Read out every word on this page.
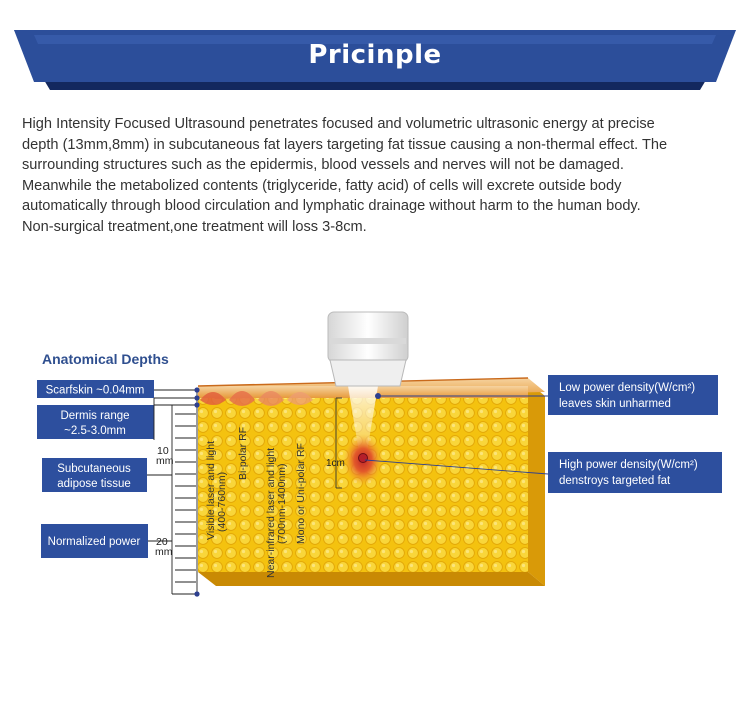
Pricinple

High Intensity Focused Ultrasound penetrates focused and volumetric ultrasonic energy at precise
depth (13mm,8mm) in subcutaneous fat layers targeting fat tissue causing a non-thermal effect. The
surrounding structures such as the epidermis, blood vessels and nerves will not be damaged.
Meanwhile the metabolized contents (triglyceride, fatty acid) of cells will excrete outside body
automatically through blood circulation and lymphatic drainage without harm to the human body.
Non-surgical treatment,one treatment will loss 3-8cm.

Anatomical Depths
Scarfskin ~0.04mm
Dermis range
~2.5-3.0mm
Subcutaneous
adipose tissue
Normalized power
10
mm
20
mm
Visible laser and light (400-760nm)
Bi-polar RF Near-infrared laser and light (700nm-1400nm) Mono or Uni-polar RF 1cm
Low power density(W/cm²)
leaves skin unharmed
High power density(W/cm²)
denstroys targeted fat
